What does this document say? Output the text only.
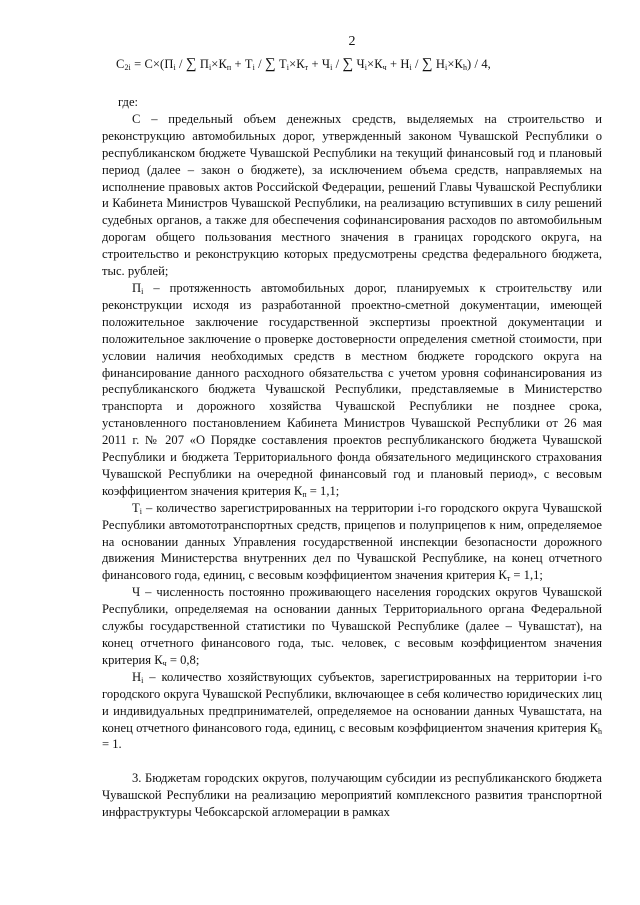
2
$С_{2i} = С\times(П_i$ / ∑ $П_i\times К_п + Т_i$ / ∑ $Т_i\times К_т + Ч_i$ / ∑ $Ч_i\times К_ч + Н_i$ / ∑ $Н_i\times К_h) / 4$,
где:

С – предельный объем денежных средств, выделяемых на строительство и реконструкцию автомобильных дорог, утвержденный законом Чувашской Республики о республиканском бюджете Чувашской Республики на текущий финансовый год и плановый период (далее – закон о бюджете), за исключением объема средств, направляемых на исполнение правовых актов Российской Федерации, решений Главы Чувашской Республики и Кабинета Министров Чувашской Республики, на реализацию вступивших в силу решений судебных органов, а также для обеспечения софинансирования расходов по автомобильным дорогам общего пользования местного значения в границах городского округа, на строительство и реконструкцию которых предусмотрены средства федерального бюджета, тыс. рублей;

$П_i$ – протяженность автомобильных дорог, планируемых к строительству или реконструкции исходя из разработанной проектно-сметной документации, имеющей положительное заключение государственной экспертизы проектной документации и положительное заключение о проверке достоверности определения сметной стоимости, при условии наличия необходимых средств в местном бюджете городского округа на финансирование данного расходного обязательства с учетом уровня софинансирования из республиканского бюджета Чувашской Республики, представляемые в Министерство транспорта и дорожного хозяйства Чувашской Республики не позднее срока, установленного постановлением Кабинета Министров Чувашской Республики от 26 мая 2011 г. № 207 «О Порядке составления проектов республиканского бюджета Чувашской Республики и бюджета Территориального фонда обязательного медицинского страхования Чувашской Республики на очередной финансовый год и плановый период», с весовым коэффициентом значения критерия $К_п = 1,1$;

$Т_i$ – количество зарегистрированных на территории i-го городского округа Чувашской Республики автомототранспортных средств, прицепов и полуприцепов к ним, определяемое на основании данных Управления государственной инспекции безопасности дорожного движения Министерства внутренних дел по Чувашской Республике, на конец отчетного финансового года, единиц, с весовым коэффициентом значения критерия $К_т = 1,1$;

Ч – численность постоянно проживающего населения городских округов Чувашской Республики, определяемая на основании данных Территориального органа Федеральной службы государственной статистики по Чувашской Республике (далее – Чувашстат), на конец отчетного финансового года, тыс. человек, с весовым коэффициентом значения критерия $К_ч = 0,8$;

$Н_i$ – количество хозяйствующих субъектов, зарегистрированных на территории i-го городского округа Чувашской Республики, включающее в себя количество юридических лиц и индивидуальных предпринимателей, определяемое на основании данных Чувашстата, на конец отчетного финансового года, единиц, с весовым коэффициентом значения критерия $К_h = 1$.

3. Бюджетам городских округов, получающим субсидии из республиканского бюджета Чувашской Республики на реализацию мероприятий комплексного развития транспортной инфраструктуры Чебоксарской агломерации в рамках
